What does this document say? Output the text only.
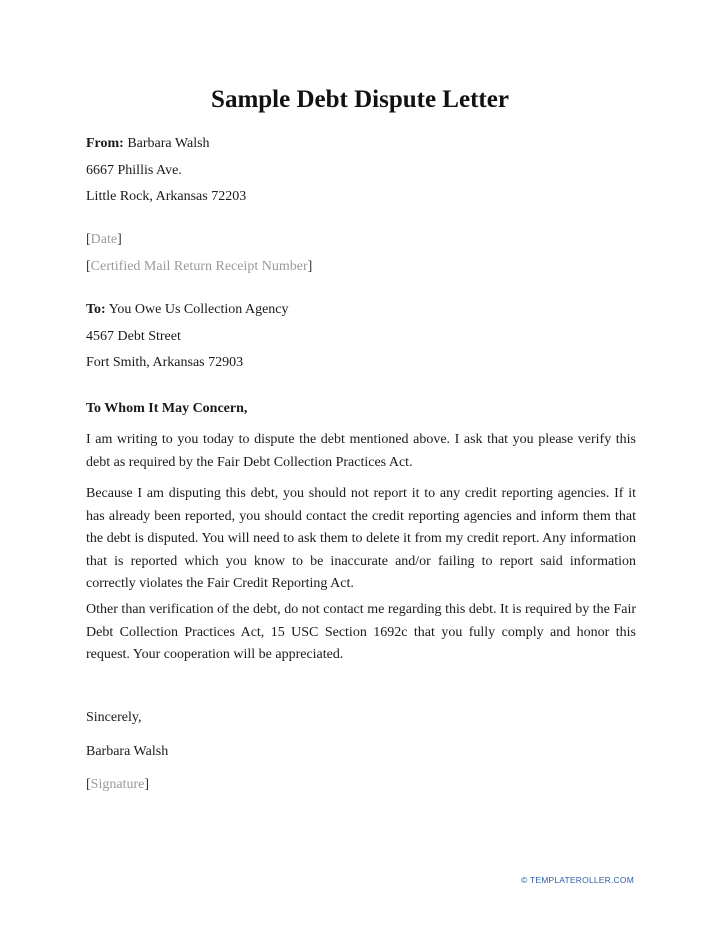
Sample Debt Dispute Letter
From: Barbara Walsh
6667 Phillis Ave.
Little Rock, Arkansas 72203
[Date]
[Certified Mail Return Receipt Number]
To: You Owe Us Collection Agency
4567 Debt Street
Fort Smith, Arkansas 72903

To Whom It May Concern,

I am writing to you today to dispute the debt mentioned above. I ask that you please verify this debt as required by the Fair Debt Collection Practices Act.

Because I am disputing this debt, you should not report it to any credit reporting agencies. If it has already been reported, you should contact the credit reporting agencies and inform them that the debt is disputed. You will need to ask them to delete it from my credit report. Any information that is reported which you know to be inaccurate and/or failing to report said information correctly violates the Fair Credit Reporting Act.

Other than verification of the debt, do not contact me regarding this debt. It is required by the Fair Debt Collection Practices Act, 15 USC Section 1692c that you fully comply and honor this request. Your cooperation will be appreciated.

Sincerely,
Barbara Walsh
[Signature]
© TEMPLATEROLLER.COM
